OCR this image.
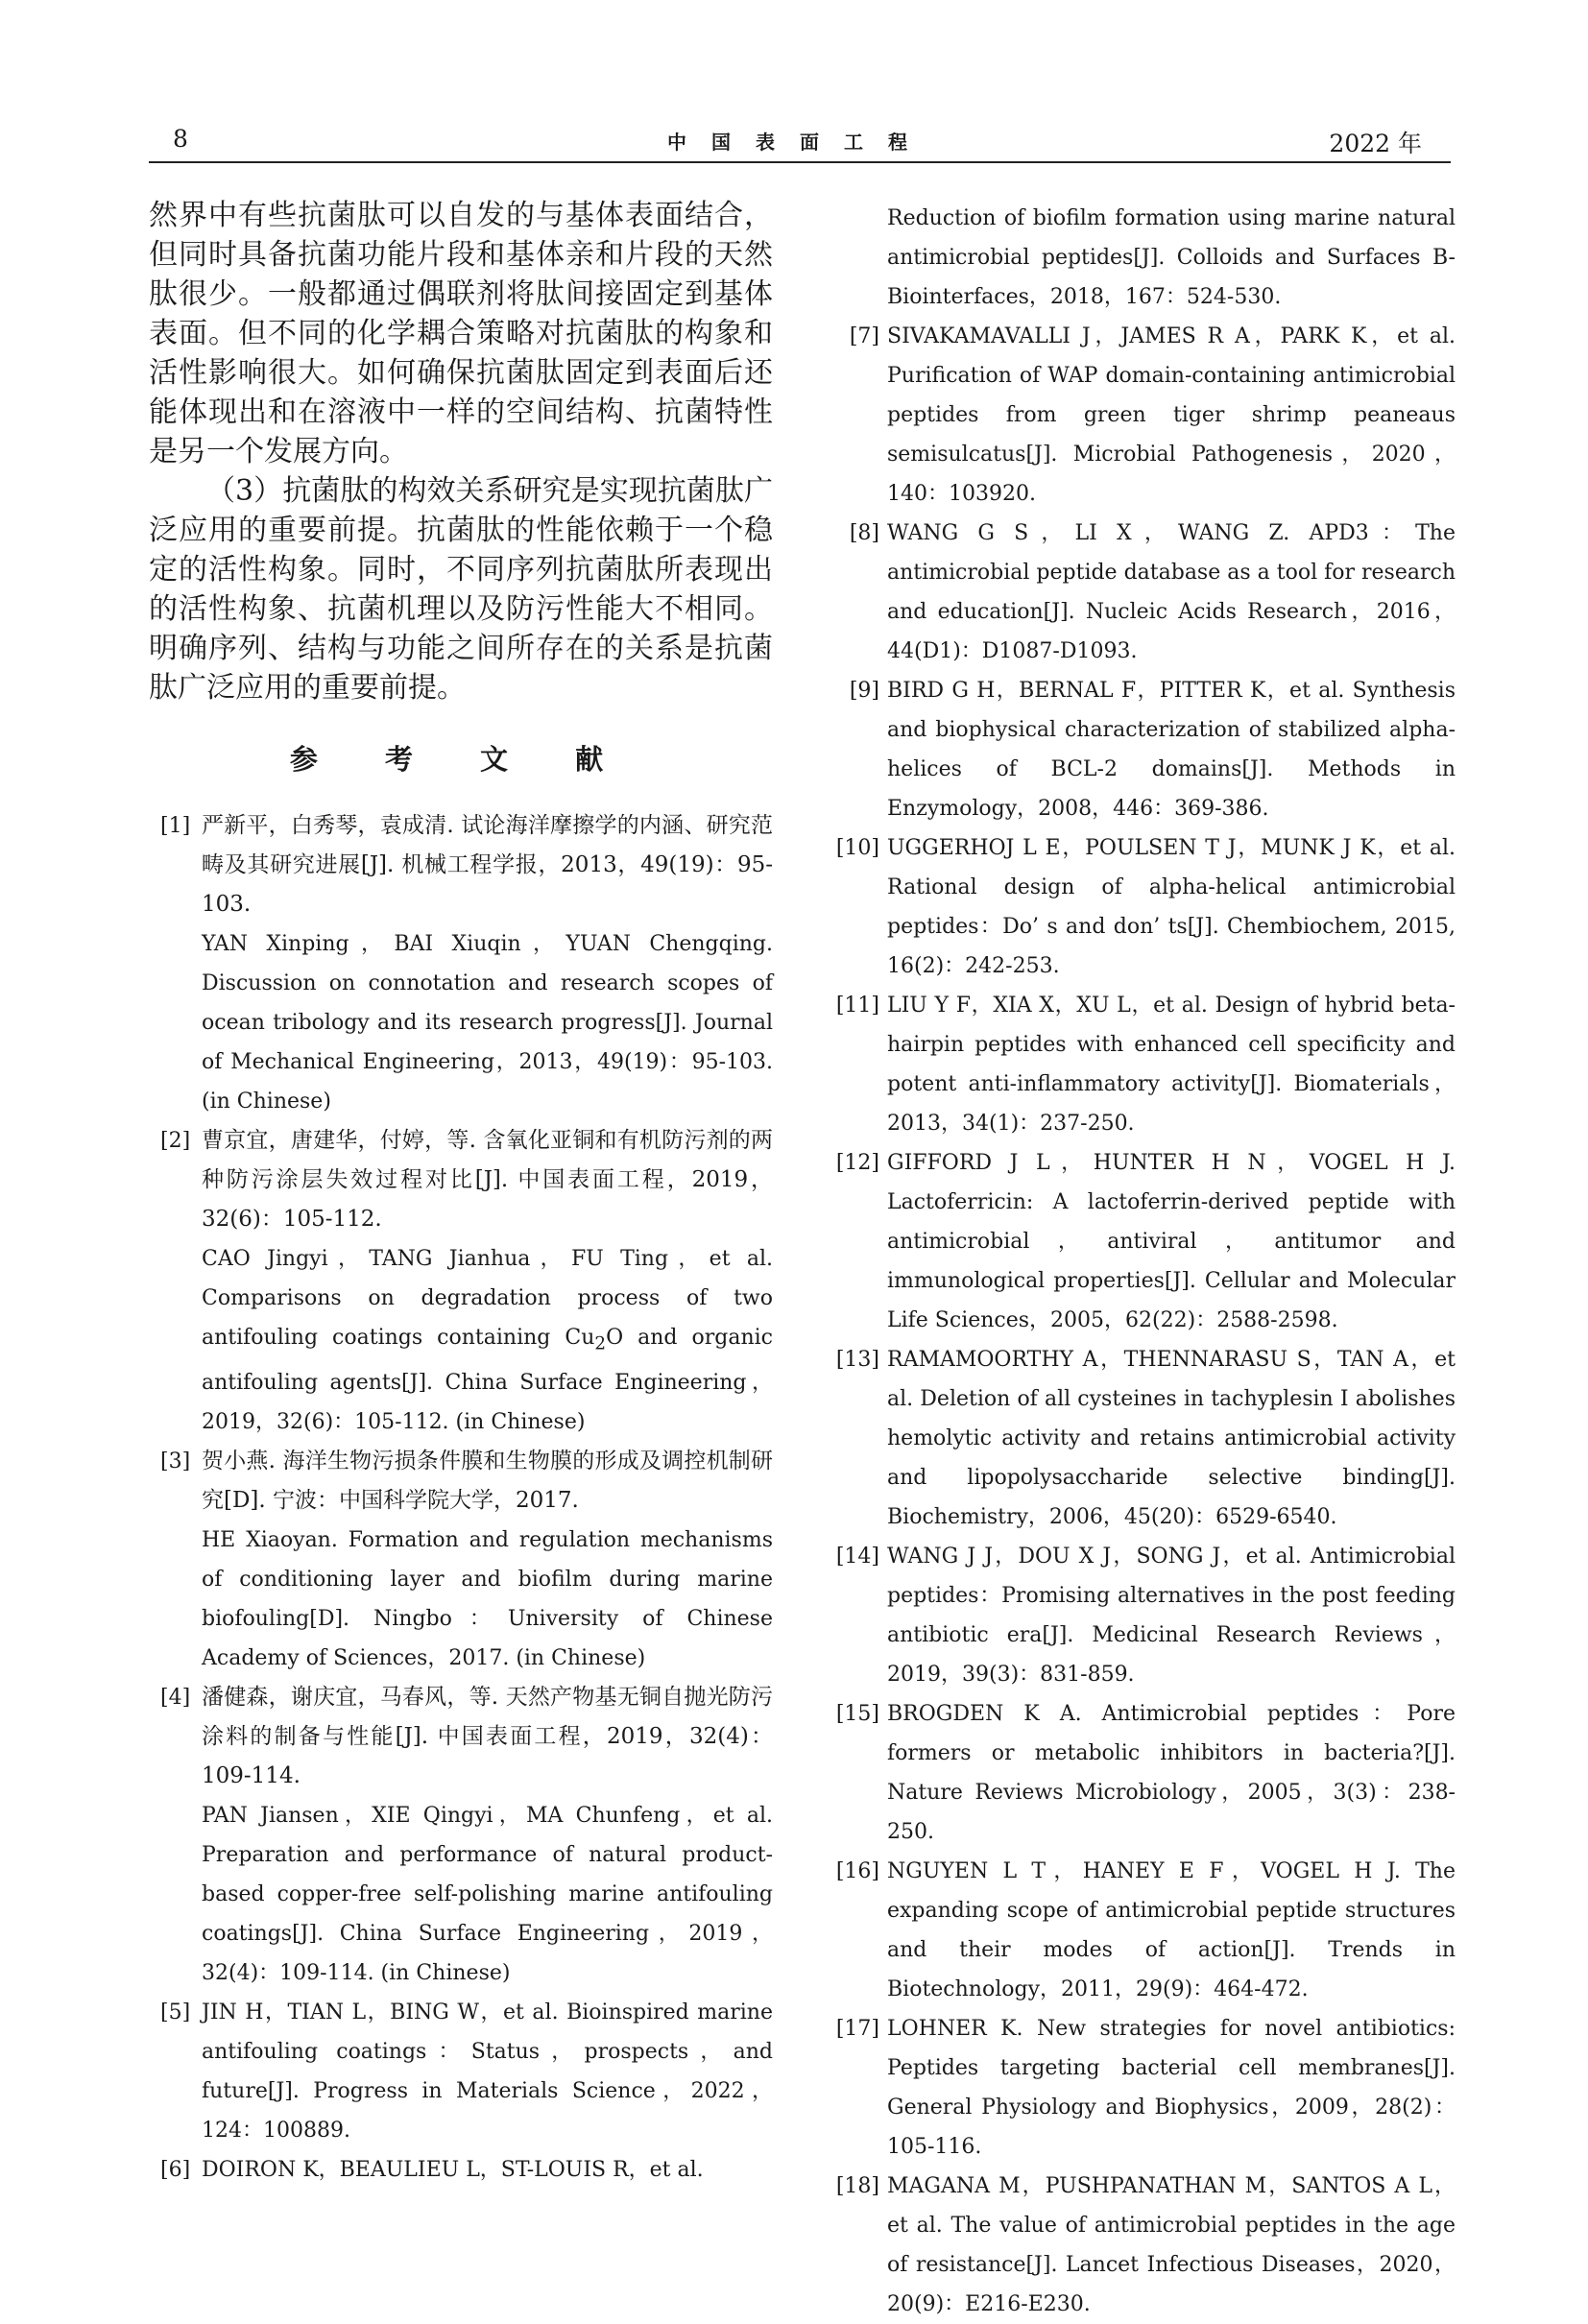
8	中国表面工程	2022 年

然界中有些抗菌肽可以自发的与基体表面结合，但同时具备抗菌功能片段和基体亲和片段的天然肽很少。一般都通过偶联剂将肽间接固定到基体表面。但不同的化学耦合策略对抗菌肽的构象和活性影响很大。如何确保抗菌肽固定到表面后还能体现出和在溶液中一样的空间结构、抗菌特性是另一个发展方向。

（3）抗菌肽的构效关系研究是实现抗菌肽广泛应用的重要前提。抗菌肽的性能依赖于一个稳定的活性构象。同时，不同序列抗菌肽所表现出的活性构象、抗菌机理以及防污性能大不相同。明确序列、结构与功能之间所存在的关系是抗菌肽广泛应用的重要前提。

参 考 文 献

[1] 严新平，白秀琴，袁成清. 试论海洋摩擦学的内涵、研究范畴及其研究进展[J]. 机械工程学报，2013，49(19)：95-103.
YAN Xinping，BAI Xiuqin，YUAN Chengqing. Discussion on connotation and research scopes of ocean tribology and its research progress[J]. Journal of Mechanical Engineering，2013，49(19)：95-103. (in Chinese)

[2] 曹京宜，唐建华，付婷，等. 含氧化亚铜和有机防污剂的两种防污涂层失效过程对比[J]. 中国表面工程，2019，32(6)：105-112.
CAO Jingyi，TANG Jianhua，FU Ting，et al. Comparisons on degradation process of two antifouling coatings containing $Cu_2O$ and organic antifouling agents[J]. China Surface Engineering，2019，32(6)：105-112. (in Chinese)

[3] 贺小燕. 海洋生物污损条件膜和生物膜的形成及调控机制研究[D]. 宁波：中国科学院大学，2017.
HE Xiaoyan. Formation and regulation mechanisms of conditioning layer and biofilm during marine biofouling[D]. Ningbo：University of Chinese Academy of Sciences，2017. (in Chinese)

[4] 潘健森，谢庆宜，马春风，等. 天然产物基无铜自抛光防污涂料的制备与性能[J]. 中国表面工程，2019，32(4)：109-114.
PAN Jiansen，XIE Qingyi，MA Chunfeng，et al. Preparation and performance of natural product-based copper-free self-polishing marine antifouling coatings[J]. China Surface Engineering，2019，32(4)：109-114. (in Chinese)

[5] JIN H，TIAN L，BING W，et al. Bioinspired marine antifouling coatings：Status，prospects，and future[J]. Progress in Materials Science，2022，124：100889.

[6] DOIRON K，BEAULIEU L，ST-LOUIS R，et al.

Reduction of biofilm formation using marine natural antimicrobial peptides[J]. Colloids and Surfaces B-Biointerfaces，2018，167：524-530.

[7] SIVAKAMAVALLI J，JAMES R A，PARK K，et al. Purification of WAP domain-containing antimicrobial peptides from green tiger shrimp peaneaus semisulcatus[J]. Microbial Pathogenesis，2020，140：103920.

[8] WANG G S，LI X，WANG Z. APD3：The antimicrobial peptide database as a tool for research and education[J]. Nucleic Acids Research，2016，44(D1)：D1087-D1093.

[9] BIRD G H，BERNAL F，PITTER K，et al. Synthesis and biophysical characterization of stabilized alpha-helices of BCL-2 domains[J]. Methods in Enzymology，2008，446：369-386.

[10] UGGERHOJ L E，POULSEN T J，MUNK J K，et al. Rational design of alpha-helical antimicrobial peptides：Do’ s and don’ ts[J]. Chembiochem, 2015, 16(2)：242-253.

[11] LIU Y F，XIA X，XU L，et al. Design of hybrid beta-hairpin peptides with enhanced cell specificity and potent anti-inflammatory activity[J]. Biomaterials，2013，34(1)：237-250.

[12] GIFFORD J L，HUNTER H N，VOGEL H J. Lactoferricin: A lactoferrin-derived peptide with antimicrobial，antiviral，antitumor and immunological properties[J]. Cellular and Molecular Life Sciences，2005，62(22)：2588-2598.

[13] RAMAMOORTHY A，THENNARASU S，TAN A，et al. Deletion of all cysteines in tachyplesin I abolishes hemolytic activity and retains antimicrobial activity and lipopolysaccharide selective binding[J]. Biochemistry，2006，45(20)：6529-6540.

[14] WANG J J，DOU X J，SONG J，et al. Antimicrobial peptides：Promising alternatives in the post feeding antibiotic era[J]. Medicinal Research Reviews，2019，39(3)：831-859.

[15] BROGDEN K A. Antimicrobial peptides：Pore formers or metabolic inhibitors in bacteria?[J]. Nature Reviews Microbiology，2005，3(3)：238-250.

[16] NGUYEN L T，HANEY E F，VOGEL H J. The expanding scope of antimicrobial peptide structures and their modes of action[J]. Trends in Biotechnology，2011，29(9)：464-472.

[17] LOHNER K. New strategies for novel antibiotics: Peptides targeting bacterial cell membranes[J]. General Physiology and Biophysics，2009，28(2)：105-116.

[18] MAGANA M，PUSHPANATHAN M，SANTOS A L，et al. The value of antimicrobial peptides in the age of resistance[J]. Lancet Infectious Diseases，2020，20(9)：E216-E230.
